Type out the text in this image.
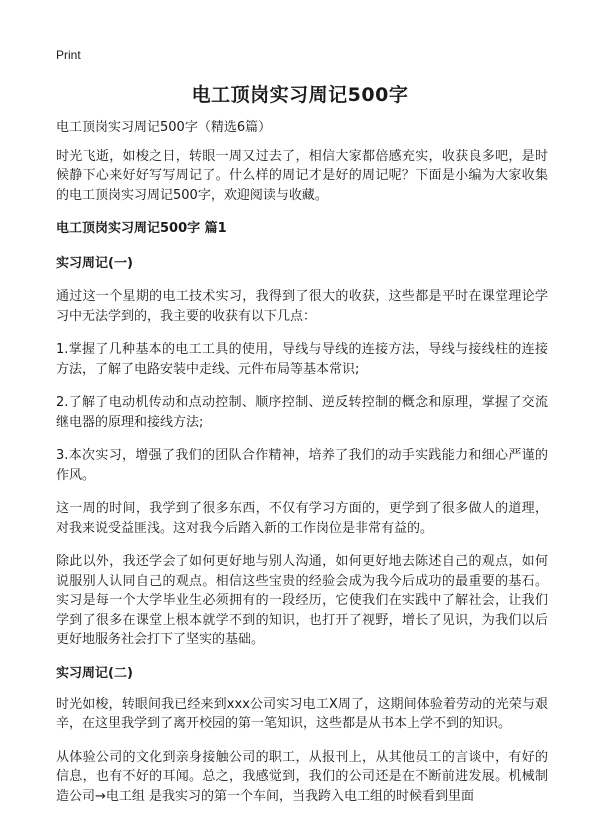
Print
电工顶岗实习周记500字

电工顶岗实习周记500字（精选6篇）

时光飞逝，如梭之日，转眼一周又过去了，相信大家都倍感充实，收获良多吧，是时候静下心来好好写写周记了。什么样的周记才是好的周记呢？下面是小编为大家收集的电工顶岗实习周记500字，欢迎阅读与收藏。

电工顶岗实习周记500字 篇1
实习周记(一)

通过这一个星期的电工技术实习，我得到了很大的收获，这些都是平时在课堂理论学习中无法学到的，我主要的收获有以下几点：

1.掌握了几种基本的电工工具的使用，导线与导线的连接方法，导线与接线柱的连接方法，了解了电路安装中走线、元件布局等基本常识;

2.了解了电动机传动和点动控制、顺序控制、逆反转控制的概念和原理，掌握了交流继电器的原理和接线方法;

3.本次实习，增强了我们的团队合作精神，培养了我们的动手实践能力和细心严谨的作风。

这一周的时间，我学到了很多东西，不仅有学习方面的，更学到了很多做人的道理，对我来说受益匪浅。这对我今后踏入新的工作岗位是非常有益的。

除此以外，我还学会了如何更好地与别人沟通，如何更好地去陈述自己的观点，如何说服别人认同自己的观点。相信这些宝贵的经验会成为我今后成功的最重要的基石。实习是每一个大学毕业生必须拥有的一段经历，它使我们在实践中了解社会，让我们学到了很多在课堂上根本就学不到的知识，也打开了视野，增长了见识，为我们以后更好地服务社会打下了坚实的基础。

实习周记(二)

时光如梭，转眼间我已经来到xxx公司实习电工X周了，这期间体验着劳动的光荣与艰辛，在这里我学到了离开校园的第一笔知识，这些都是从书本上学不到的知识。

从体验公司的文化到亲身接触公司的职工，从报刊上，从其他员工的言谈中，有好的信息，也有不好的耳闻。总之，我感觉到，我们的公司还是在不断前进发展。机械制造公司→电工组 是我实习的第一个车间，当我跨入电工组的时候看到里面
